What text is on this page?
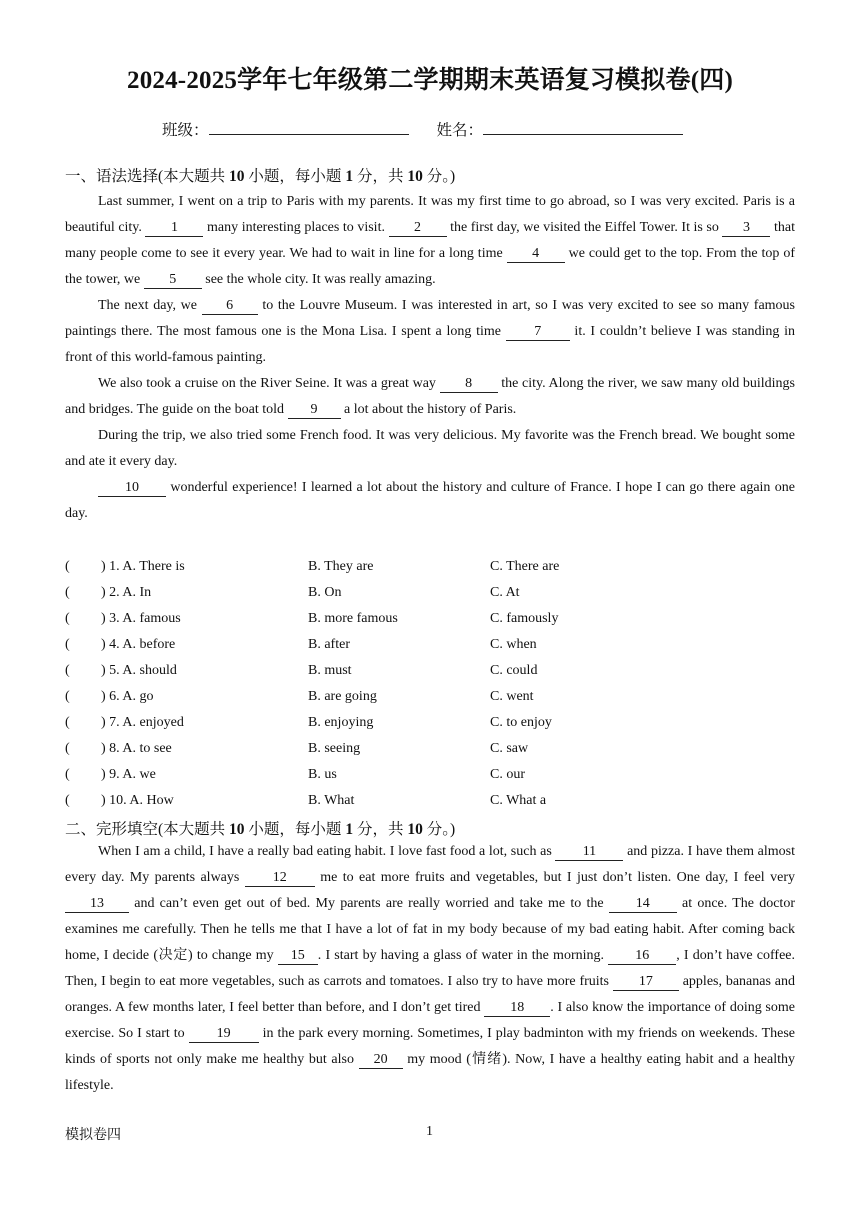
2024-2025学年七年级第二学期期末英语复习模拟卷(四)
班级：	姓名：
一、语法选择(本大题共 10 小题，每小题 1 分，共 10 分。)

Last summer, I went on a trip to Paris with my parents. It was my first time to go abroad, so I was very excited. Paris is a beautiful city. 1 many interesting places to visit. 2 the first day, we visited the Eiffel Tower. It is so 3 that many people come to see it every year. We had to wait in line for a long time 4 we could get to the top. From the top of the tower, we 5 see the whole city. It was really amazing.

The next day, we 6 to the Louvre Museum. I was interested in art, so I was very excited to see so many famous paintings there. The most famous one is the Mona Lisa. I spent a long time 7 it. I couldn’t believe I was standing in front of this world-famous painting.

We also took a cruise on the River Seine. It was a great way 8 the city. Along the river, we saw many old buildings and bridges. The guide on the boat told 9 a lot about the history of Paris.

During the trip, we also tried some French food. It was very delicious. My favorite was the French bread. We bought some and ate it every day.

10 wonderful experience! I learned a lot about the history and culture of France. I hope I can go there again one day.

( ) 1. A. There is	B. They are	C. There are
( ) 2. A. In	B. On	C. At
( ) 3. A. famous	B. more famous	C. famously
( ) 4. A. before	B. after	C. when
( ) 5. A. should	B. must	C. could
( ) 6. A. go	B. are going	C. went
( ) 7. A. enjoyed	B. enjoying	C. to enjoy
( ) 8. A. to see	B. seeing	C. saw
( ) 9. A. we	B. us	C. our
( ) 10. A. How	B. What	C. What a
二、完形填空(本大题共 10 小题，每小题 1 分，共 10 分。)

When I am a child, I have a really bad eating habit. I love fast food a lot, such as 11 and pizza. I have them almost every day. My parents always 12 me to eat more fruits and vegetables, but I just don’t listen. One day, I feel very 13 and can’t even get out of bed. My parents are really worried and take me to the 14 at once. The doctor examines me carefully. Then he tells me that I have a lot of fat in my body because of my bad eating habit. After coming back home, I decide (决定) to change my 15 . I start by having a glass of water in the morning. 16 , I don’t have coffee. Then, I begin to eat more vegetables, such as carrots and tomatoes. I also try to have more fruits 17 apples, bananas and oranges. A few months later, I feel better than before, and I don’t get tired 18 . I also know the importance of doing some exercise. So I start to 19 in the park every morning. Sometimes, I play badminton with my friends on weekends. These kinds of sports not only make me healthy but also 20 my mood (情绪). Now, I have a healthy eating habit and a healthy lifestyle.

模拟卷四	1
